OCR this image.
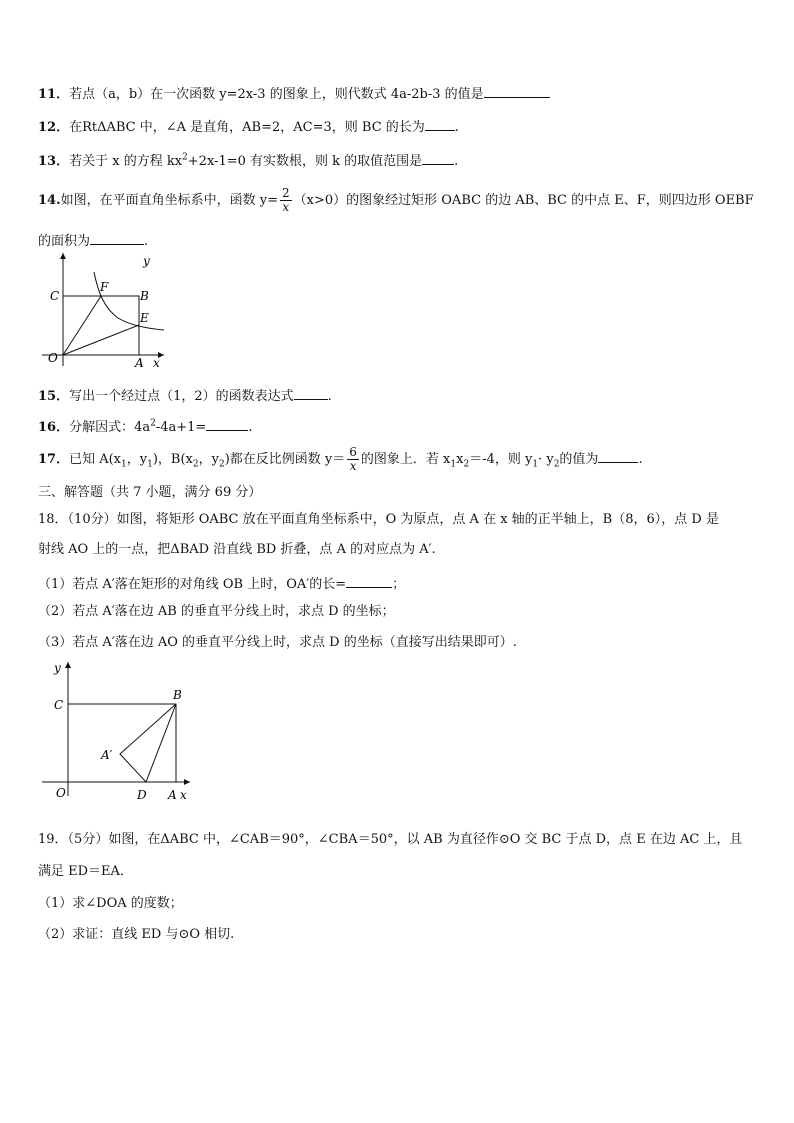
11．若点（a，b）在一次函数 y=2x-3 的图象上，则代数式 4a-2b-3 的值是
12．在RtΔABC 中，∠A 是直角，AB=2，AC=3，则 BC 的长为 .
13．若关于 x 的方程 $kx^2+2x-1=0$ 有实数根，则 k 的取值范围是 .
14.如图，在平面直角坐标系中，函数 $y= \frac{2}{x} (x>0)$的图象经过矩形 OABC 的边 AB、BC 的中点 E、F，则四边形 OEBF
的面积为	.
y
C
F
B
E
O	A x
15．写出一个经过点（1，2）的函数表达式	.
16．分解因式：$4a^2-4a+1=$	.
17．已知 $A(x_1$，$y_1$)，$B(x_2$，$y_2$)都在反比例函数 $y= \frac{6}{x}$ 的图象上．若 $x_1x_2=-4$，则 $y_1\cdot y_2$的值为	.
三、解答题（共 7 小题，满分 69 分）
18．（10分）如图，将矩形 OABC 放在平面直角坐标系中，O 为原点，点 A 在 x 轴的正半轴上，B（8，6），点 D 是
射线 AO 上的一点，把ΔBAD 沿直线 BD 折叠，点 A 的对应点为 A′.
（1）若点 A′落在矩形的对角线 OB 上时，OA′的长=	；
（2）若点 A′落在边 AB 的垂直平分线上时，求点 D 的坐标；
（3）若点 A′落在边 AO 的垂直平分线上时，求点 D 的坐标（直接写出结果即可）.
y
C
B
A′
O	D A x
19．（5分）如图，在ΔABC 中，∠CAB＝90°，∠CBA＝50°，以 AB 为直径作⊙O 交 BC 于点 D，点 E 在边 AC 上，且
满足 ED＝EA．
（1）求∠DOA 的度数；
（2）求证：直线 ED 与⊙O 相切.
